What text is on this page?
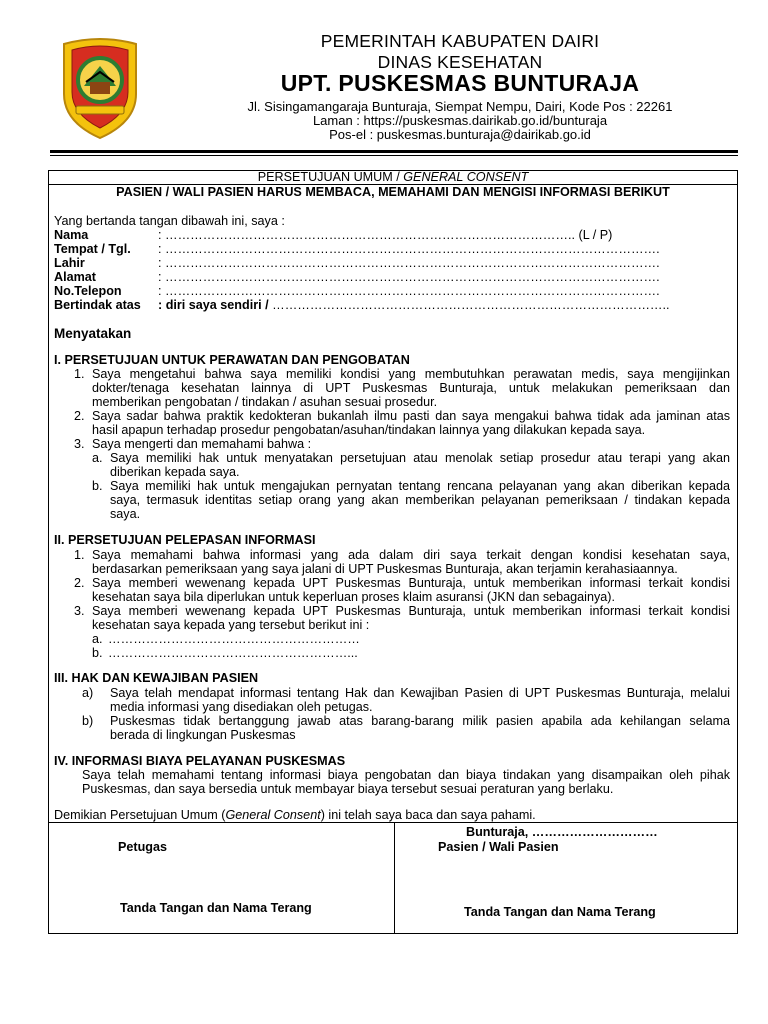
PEMERINTAH KABUPATEN DAIRI
DINAS KESEHATAN
UPT. PUSKESMAS BUNTURAJA
Jl. Sisingamangaraja Bunturaja, Siempat Nempu, Dairi, Kode Pos : 22261
Laman : https://puskesmas.dairikab.go.id/bunturaja
Pos-el : puskesmas.bunturaja@dairikab.go.id
PERSETUJUAN UMUM / GENERAL CONSENT
PASIEN / WALI PASIEN HARUS MEMBACA, MEMAHAMI DAN MENGISI INFORMASI BERIKUT
Yang bertanda tangan dibawah ini, saya :
Nama	: …………………………………………………………………………………….. (L / P)
Tempat / Tgl. : ……………………………………………………………………………………………………….
Lahir	: ……………………………………………………………………………………………………….
Alamat	: ……………………………………………………………………………………………………….
No.Telepon	: ……………………………………………………………………………………………………….
Bertindak atas : diri saya sendiri / …………………………………………………………………………………..
Menyatakan
I. PERSETUJUAN UNTUK PERAWATAN DAN PENGOBATAN
1. Saya mengetahui bahwa saya memiliki kondisi yang membutuhkan perawatan medis, saya mengijinkan
dokter/tenaga kesehatan lainnya di UPT Puskesmas Bunturaja, untuk melakukan pemeriksaan dan
memberikan pengobatan / tindakan / asuhan sesuai prosedur.
2. Saya sadar bahwa praktik kedokteran bukanlah ilmu pasti dan saya mengakui bahwa tidak ada jaminan atas
hasil apapun terhadap prosedur pengobatan/asuhan/tindakan lainnya yang dilakukan kepada saya.
3. Saya mengerti dan memahami bahwa :
a. Saya memiliki hak untuk menyatakan persetujuan atau menolak setiap prosedur atau terapi yang akan
diberikan kepada saya.
b. Saya memiliki hak untuk mengajukan pernyatan tentang rencana pelayanan yang akan diberikan kepada
saya, termasuk identitas setiap orang yang akan memberikan pelayanan pemeriksaan / tindakan kepada
saya.
II. PERSETUJUAN PELEPASAN INFORMASI
1. Saya memahami bahwa informasi yang ada dalam diri saya terkait dengan kondisi kesehatan saya,
berdasarkan pemeriksaan yang saya jalani di UPT Puskesmas Bunturaja, akan terjamin kerahasiaannya.
2. Saya memberi wewenang kepada UPT Puskesmas Bunturaja, untuk memberikan informasi terkait kondisi
kesehatan saya bila diperlukan untuk keperluan proses klaim asuransi (JKN dan sebagainya).
3. Saya memberi wewenang kepada UPT Puskesmas Bunturaja, untuk memberikan informasi terkait kondisi
kesehatan saya kepada yang tersebut berikut ini :
a. ……………………………………………………
b. …………………………………………………...
III. HAK DAN KEWAJIBAN PASIEN
a) Saya telah mendapat informasi tentang Hak dan Kewajiban Pasien di UPT Puskesmas Bunturaja, melalui
media informasi yang disediakan oleh petugas.
b) Puskesmas tidak bertanggung jawab atas barang-barang milik pasien apabila ada kehilangan selama
berada di lingkungan Puskesmas
IV. INFORMASI BIAYA PELAYANAN PUSKESMAS
Saya telah memahami tentang informasi biaya pengobatan dan biaya tindakan yang disampaikan oleh pihak
Puskesmas, dan saya bersedia untuk membayar biaya tersebut sesuai peraturan yang berlaku.
Demikian Persetujuan Umum (General Consent) ini telah saya baca dan saya pahami.
Bunturaja, …………………………
Petugas	Pasien / Wali Pasien
Tanda Tangan dan Nama Terang	Tanda Tangan dan Nama Terang
